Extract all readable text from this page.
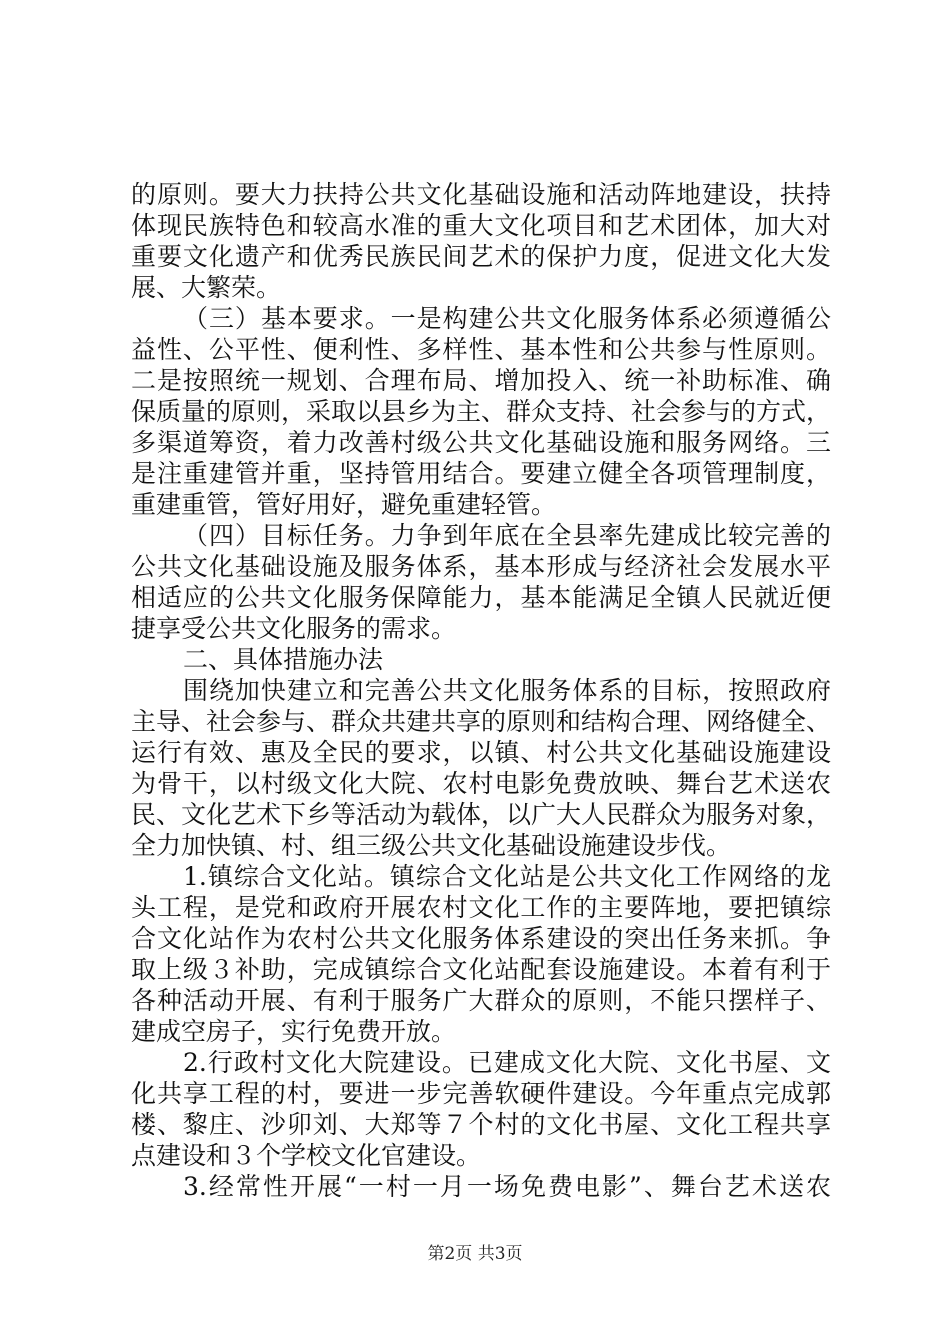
的原则。要大力扶持公共文化基础设施和活动阵地建设，扶持
体现民族特色和较高水准的重大文化项目和艺术团体，加大对
重要文化遗产和优秀民族民间艺术的保护力度，促进文化大发
展、大繁荣。
（三）基本要求。一是构建公共文化服务体系必须遵循公
益性、公平性、便利性、多样性、基本性和公共参与性原则。
二是按照统一规划、合理布局、增加投入、统一补助标准、确
保质量的原则，采取以县乡为主、群众支持、社会参与的方式，
多渠道筹资，着力改善村级公共文化基础设施和服务网络。三
是注重建管并重，坚持管用结合。要建立健全各项管理制度，
重建重管，管好用好，避免重建轻管。
（四）目标任务。力争到年底在全县率先建成比较完善的
公共文化基础设施及服务体系，基本形成与经济社会发展水平
相适应的公共文化服务保障能力，基本能满足全镇人民就近便
捷享受公共文化服务的需求。
二、具体措施办法
围绕加快建立和完善公共文化服务体系的目标，按照政府
主导、社会参与、群众共建共享的原则和结构合理、网络健全、
运行有效、惠及全民的要求，以镇、村公共文化基础设施建设
为骨干，以村级文化大院、农村电影免费放映、舞台艺术送农
民、文化艺术下乡等活动为载体，以广大人民群众为服务对象，
全力加快镇、村、组三级公共文化基础设施建设步伐。
1.镇综合文化站。镇综合文化站是公共文化工作网络的龙
头工程，是党和政府开展农村文化工作的主要阵地，要把镇综
合文化站作为农村公共文化服务体系建设的突出任务来抓。争
取上级３补助，完成镇综合文化站配套设施建设。本着有利于
各种活动开展、有利于服务广大群众的原则，不能只摆样子、
建成空房子，实行免费开放。
2.行政村文化大院建设。已建成文化大院、文化书屋、文
化共享工程的村，要进一步完善软硬件建设。今年重点完成郭
楼、黎庄、沙卯刘、大郑等７个村的文化书屋、文化工程共享
点建设和３个学校文化官建设。
3.经常性开展“一村一月一场免费电影”、舞台艺术送农
第2页 共3页
